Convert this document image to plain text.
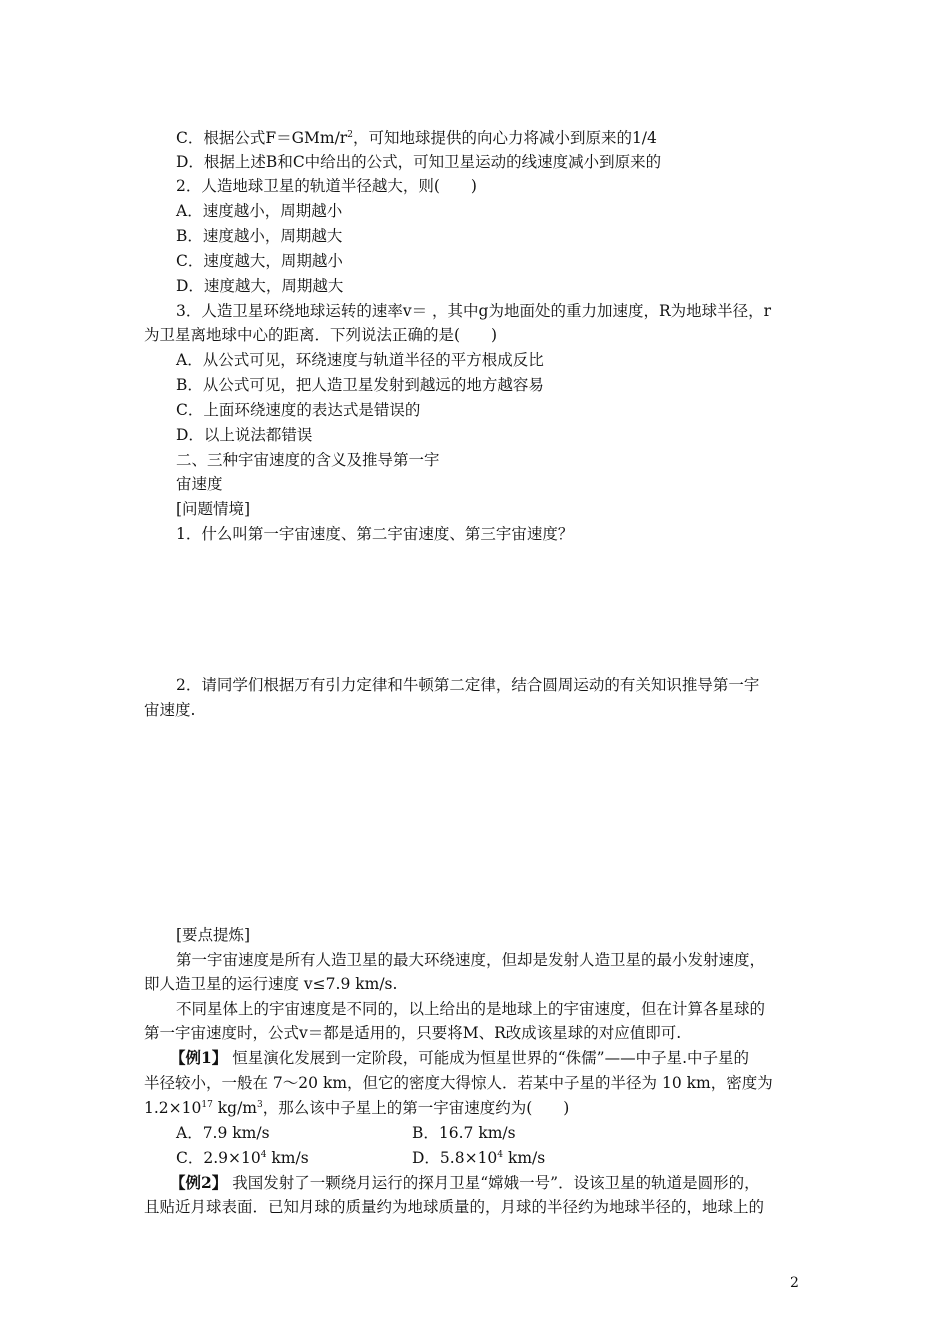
C．根据公式$F=GMm/r^2$，可知地球提供的向心力将减小到原来的1/4
D．根据上述B和C中给出的公式，可知卫星运动的线速度减小到原来的
2．人造地球卫星的轨道半径越大，则(　　)
A．速度越小，周期越小
B．速度越小，周期越大
C．速度越大，周期越小
D．速度越大，周期越大
3．人造卫星环绕地球运转的速率v＝ ，其中g为地面处的重力加速度，R为地球半径，r
为卫星离地球中心的距离．下列说法正确的是(　　)
A．从公式可见，环绕速度与轨道半径的平方根成反比
B．从公式可见，把人造卫星发射到越远的地方越容易
C．上面环绕速度的表达式是错误的
D．以上说法都错误
二、三种宇宙速度的含义及推导第一宇
宙速度
[问题情境]
1．什么叫第一宇宙速度、第二宇宙速度、第三宇宙速度？
2．请同学们根据万有引力定律和牛顿第二定律，结合圆周运动的有关知识推导第一宇
宙速度.
[要点提炼]
第一宇宙速度是所有人造卫星的最大环绕速度，但却是发射人造卫星的最小发射速度，
即人造卫星的运行速度 v≤7.9 km/s.
不同星体上的宇宙速度是不同的，以上给出的是地球上的宇宙速度，但在计算各星球的
第一宇宙速度时，公式v＝都是适用的，只要将M、R改成该星球的对应值即可.
【例1】 恒星演化发展到一定阶段，可能成为恒星世界的“侏儒”——中子星.中子星的
半径较小，一般在 7～20 km，但它的密度大得惊人．若某中子星的半径为 10 km，密度为
$1.2\times 10^{17}$ $kg/m^3$，那么该中子星上的第一宇宙速度约为(　　)
A．7.9 km/s	B．16.7 km/s
C．$2.9\times 10^4$ km/s	D．$5.8\times 10^4$ km/s
【例2】 我国发射了一颗绕月运行的探月卫星“嫦娥一号”．设该卫星的轨道是圆形的，
且贴近月球表面．已知月球的质量约为地球质量的，月球的半径约为地球半径的，地球上的
2
